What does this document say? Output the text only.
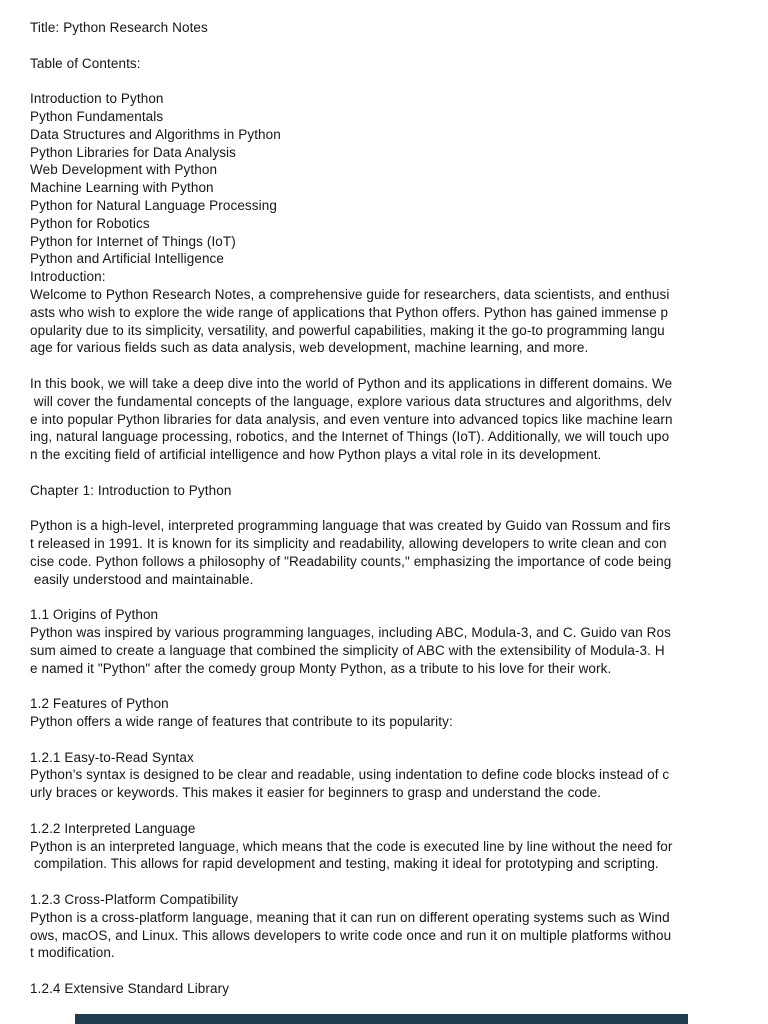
Title: Python Research Notes
Table of Contents:
Introduction to Python
Python Fundamentals
Data Structures and Algorithms in Python
Python Libraries for Data Analysis
Web Development with Python
Machine Learning with Python
Python for Natural Language Processing
Python for Robotics
Python for Internet of Things (IoT)
Python and Artificial Intelligence
Introduction:
Welcome to Python Research Notes, a comprehensive guide for researchers, data scientists, and enthusi
asts who wish to explore the wide range of applications that Python offers. Python has gained immense p
opularity due to its simplicity, versatility, and powerful capabilities, making it the go-to programming langu
age for various fields such as data analysis, web development, machine learning, and more.
In this book, we will take a deep dive into the world of Python and its applications in different domains. We
will cover the fundamental concepts of the language, explore various data structures and algorithms, delv
e into popular Python libraries for data analysis, and even venture into advanced topics like machine learn
ing, natural language processing, robotics, and the Internet of Things (IoT). Additionally, we will touch upo
n the exciting field of artificial intelligence and how Python plays a vital role in its development.
Chapter 1: Introduction to Python
Python is a high-level, interpreted programming language that was created by Guido van Rossum and firs
t released in 1991. It is known for its simplicity and readability, allowing developers to write clean and con
cise code. Python follows a philosophy of "Readability counts," emphasizing the importance of code being
easily understood and maintainable.
1.1 Origins of Python
Python was inspired by various programming languages, including ABC, Modula-3, and C. Guido van Ros
sum aimed to create a language that combined the simplicity of ABC with the extensibility of Modula-3. H
e named it "Python" after the comedy group Monty Python, as a tribute to his love for their work.
1.2 Features of Python
Python offers a wide range of features that contribute to its popularity:
1.2.1 Easy-to-Read Syntax
Python’s syntax is designed to be clear and readable, using indentation to define code blocks instead of c
urly braces or keywords. This makes it easier for beginners to grasp and understand the code.
1.2.2 Interpreted Language
Python is an interpreted language, which means that the code is executed line by line without the need for
compilation. This allows for rapid development and testing, making it ideal for prototyping and scripting.
1.2.3 Cross-Platform Compatibility
Python is a cross-platform language, meaning that it can run on different operating systems such as Wind
ows, macOS, and Linux. This allows developers to write code once and run it on multiple platforms withou
t modification.
1.2.4 Extensive Standard Library
